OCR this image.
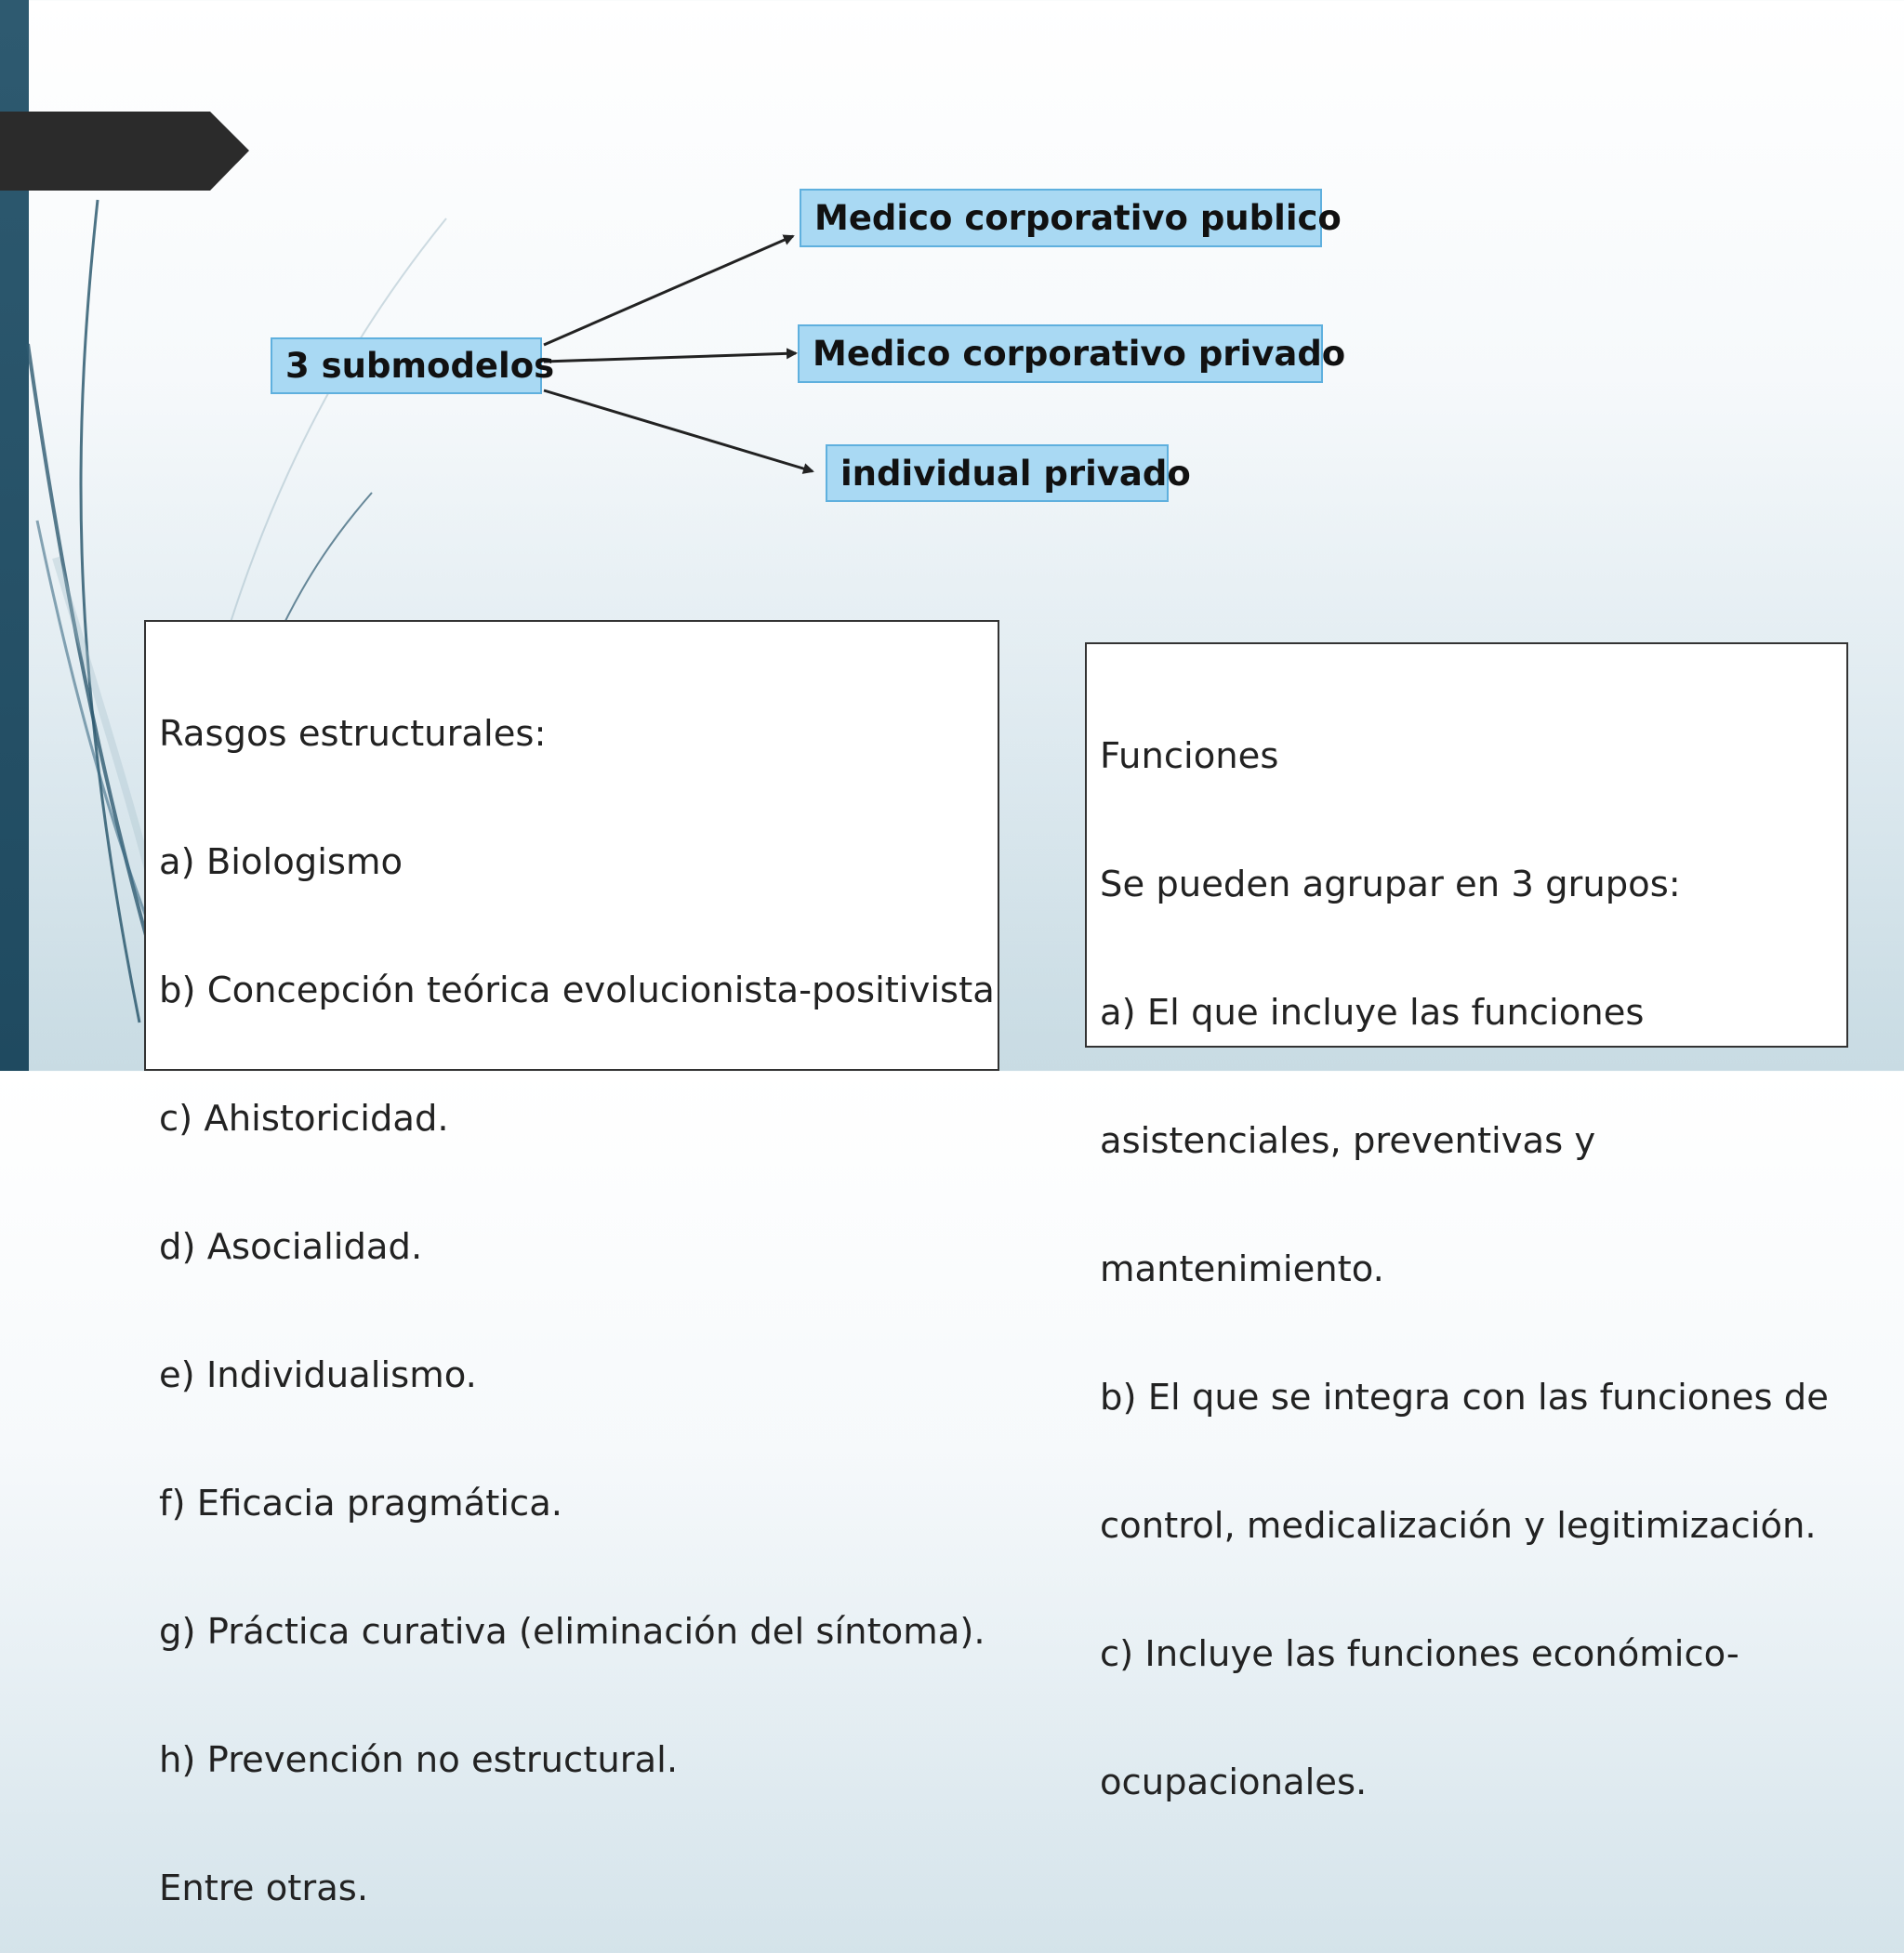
3 submodelos
Medico corporativo publico
Medico corporativo privado
individual privado

Rasgos estructurales:

a) Biologismo

b) Concepción teórica evolucionista-positivista

c) Ahistoricidad.

d) Asocialidad.

e) Individualismo.

f) Eficacia pragmática.

g) Práctica curativa (eliminación del síntoma).

h) Prevención no estructural.

Entre otras.

Funciones

Se pueden agrupar en 3 grupos:

a) El que incluye las funciones

asistenciales, preventivas y

mantenimiento.

b) El que se integra con las funciones de

control, medicalización y legitimización.

c) Incluye las funciones económico-

ocupacionales.
